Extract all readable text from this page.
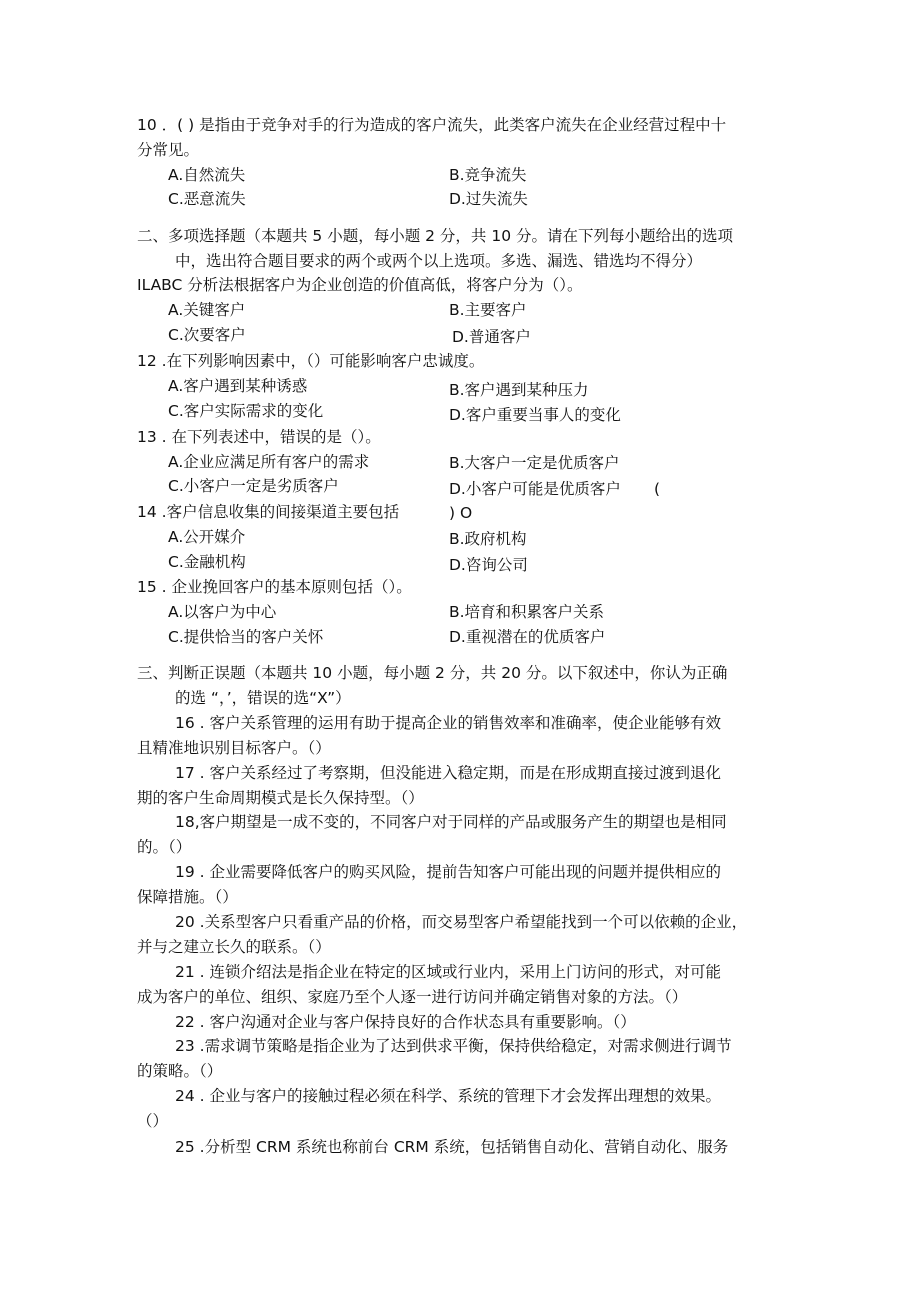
10 ．( ) 是指由于竞争对手的行为造成的客户流失，此类客户流失在企业经营过程中十
分常见。
A.自然流失	B.竞争流失
C.恶意流失	D.过失流失
二、多项选择题（本题共 5 小题，每小题 2 分，共 10 分。请在下列每小题给出的选项
中，选出符合题目要求的两个或两个以上选项。多选、漏选、错选均不得分）
ILABC 分析法根据客户为企业创造的价值高低，将客户分为（）。
A.关键客户	B.主要客户
C.次要客户	D.普通客户
12 .在下列影响因素中，（）可能影响客户忠诚度。
A.客户遇到某种诱惑	B.客户遇到某种压力
C.客户实际需求的变化	D.客户重要当事人的变化
13 . 在下列表述中，错误的是（）。
A.企业应满足所有客户的需求	B.大客户一定是优质客户
C.小客户一定是劣质客户	D.小客户可能是优质客户 (
) O
14 .客户信息收集的间接渠道主要包括
A.公开媒介	B.政府机构
C.金融机构	D.咨询公司
15 . 企业挽回客户的基本原则包括（）。
A.以客户为中心	B.培育和积累客户关系
C.提供恰当的客户关怀	D.重视潜在的优质客户
三、判断正误题（本题共 10 小题，每小题 2 分，共 20 分。以下叙述中，你认为正确
的选 “，’，错误的选“X”）
16 . 客户关系管理的运用有助于提高企业的销售效率和准确率，使企业能够有效
且精准地识别目标客户。（）
17 . 客户关系经过了考察期，但没能进入稳定期，而是在形成期直接过渡到退化
期的客户生命周期模式是长久保持型。（）
18,客户期望是一成不变的，不同客户对于同样的产品或服务产生的期望也是相同
的。（）
19 . 企业需要降低客户的购买风险，提前告知客户可能出现的问题并提供相应的
保障措施。（）
20 .关系型客户只看重产品的价格，而交易型客户希望能找到一个可以依赖的企业，
并与之建立长久的联系。（）
21 . 连锁介绍法是指企业在特定的区域或行业内，采用上门访问的形式，对可能
成为客户的单位、组织、家庭乃至个人逐一进行访问并确定销售对象的方法。（）
22 . 客户沟通对企业与客户保持良好的合作状态具有重要影响。（）
23 .需求调节策略是指企业为了达到供求平衡，保持供给稳定，对需求侧进行调节
的策略。（）
24 . 企业与客户的接触过程必须在科学、系统的管理下才会发挥出理想的效果。
（）
25 .分析型 CRM 系统也称前台 CRM 系统，包括销售自动化、营销自动化、服务
